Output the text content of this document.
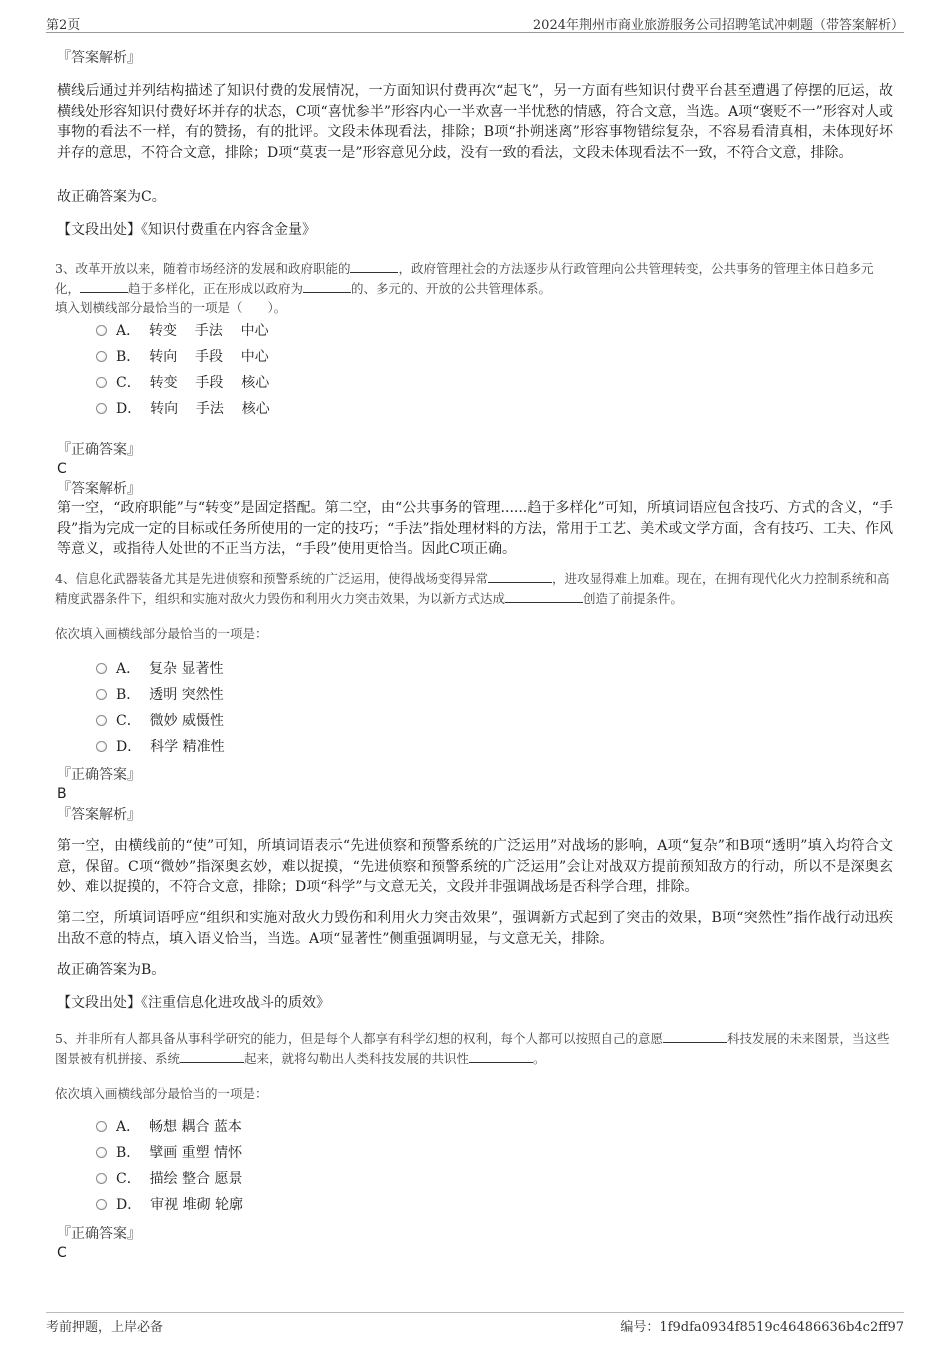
第2页	2024年荆州市商业旅游服务公司招聘笔试冲刺题（带答案解析）
『答案解析』
横线后通过并列结构描述了知识付费的发展情况，一方面知识付费再次“起飞”，另一方面有些知识付费平台甚至遭遇了停摆的厄运，故横线处形容知识付费好坏并存的状态，C项“喜忧参半”形容内心一半欢喜一半忧愁的情感，符合文意，当选。A项“褒贬不一”形容对人或事物的看法不一样，有的赞扬，有的批评。文段未体现看法，排除；B项“扑朔迷离”形容事物错综复杂，不容易看清真相，未体现好坏并存的意思，不符合文意，排除；D项“莫衷一是”形容意见分歧，没有一致的看法，文段未体现看法不一致，不符合文意，排除。
故正确答案为C。
【文段出处】《知识付费重在内容含金量》
3、改革开放以来，随着市场经济的发展和政府职能的	，政府管理社会的方法逐步从行政管理向公共管理转变，公共事务的管理主体日趋多元化，	趋于多样化，正在形成以政府为	的、多元的、开放的公共管理体系。
填入划横线部分最恰当的一项是（　　）。
A．  转变    手法    中心
B．  转向    手段    中心
C．  转变    手段    核心
D．  转向    手法    核心
『正确答案』
C
『答案解析』
第一空，“政府职能”与“转变”是固定搭配。第二空，由“公共事务的管理......趋于多样化”可知，所填词语应包含技巧、方式的含义，“手段”指为完成一定的目标或任务所使用的一定的技巧；“手法”指处理材料的方法，常用于工艺、美术或文学方面，含有技巧、工夫、作风等意义，或指待人处世的不正当方法，“手段”使用更恰当。因此C项正确。
4、信息化武器装备尤其是先进侦察和预警系统的广泛运用，使得战场变得异常	，进攻显得难上加难。现在，在拥有现代化火力控制系统和高精度武器条件下，组织和实施对敌火力毁伤和利用火力突击效果，为以新方式达成	创造了前提条件。
依次填入画横线部分最恰当的一项是：
A．  复杂 显著性
B．  透明 突然性
C．  微妙 威慑性
D．  科学 精准性
『正确答案』
B
『答案解析』
第一空，由横线前的“使”可知，所填词语表示“先进侦察和预警系统的广泛运用”对战场的影响，A项“复杂”和B项“透明”填入均符合文意，保留。C项“微妙”指深奥玄妙，难以捉摸，“先进侦察和预警系统的广泛运用”会让对战双方提前预知敌方的行动，所以不是深奥玄妙、难以捉摸的，不符合文意，排除；D项“科学”与文意无关，文段并非强调战场是否科学合理，排除。
第二空，所填词语呼应“组织和实施对敌火力毁伤和利用火力突击效果”，强调新方式起到了突击的效果，B项“突然性”指作战行动迅疾出敌不意的特点，填入语义恰当，当选。A项“显著性”侧重强调明显，与文意无关，排除。
故正确答案为B。
【文段出处】《注重信息化进攻战斗的质效》
5、并非所有人都具备从事科学研究的能力，但是每个人都享有科学幻想的权利，每个人都可以按照自己的意愿	科技发展的未来图景，当这些图景被有机拼接、系统	起来，就将勾勒出人类科技发展的共识性	。
依次填入画横线部分最恰当的一项是：
A．  畅想 耦合 蓝本
B．  擘画 重塑 情怀
C．  描绘 整合 愿景
D．  审视 堆砌 轮廓
『正确答案』
C
考前押题，上岸必备	编号：1f9dfa0934f8519c46486636b4c2ff97
